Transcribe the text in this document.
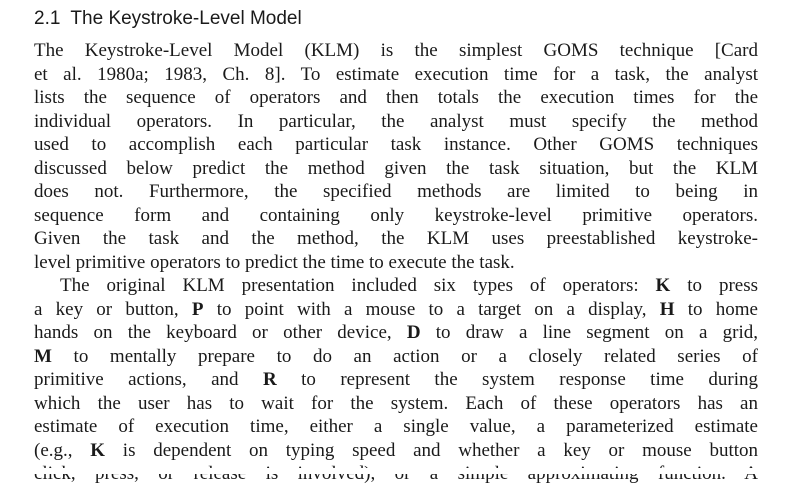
2.1 The Keystroke-Level Model
The Keystroke-Level Model (KLM) is the simplest GOMS technique [Card
et al. 1980a; 1983, Ch. 8]. To estimate execution time for a task, the analyst
lists the sequence of operators and then totals the execution times for the
individual operators. In particular, the analyst must specify the method
used to accomplish each particular task instance. Other GOMS techniques
discussed below predict the method given the task situation, but the KLM
does not. Furthermore, the specified methods are limited to being in
sequence form and containing only keystroke-level primitive operators.
Given the task and the method, the KLM uses preestablished keystroke-
level primitive operators to predict the time to execute the task.
The original KLM presentation included six types of operators: K to press
a key or button, P to point with a mouse to a target on a display, H to home
hands on the keyboard or other device, D to draw a line segment on a grid,
M to mentally prepare to do an action or a closely related series of
primitive actions, and R to represent the system response time during
which the user has to wait for the system. Each of these operators has an
estimate of execution time, either a single value, a parameterized estimate
(e.g., K is dependent on typing speed and whether a key or mouse button
